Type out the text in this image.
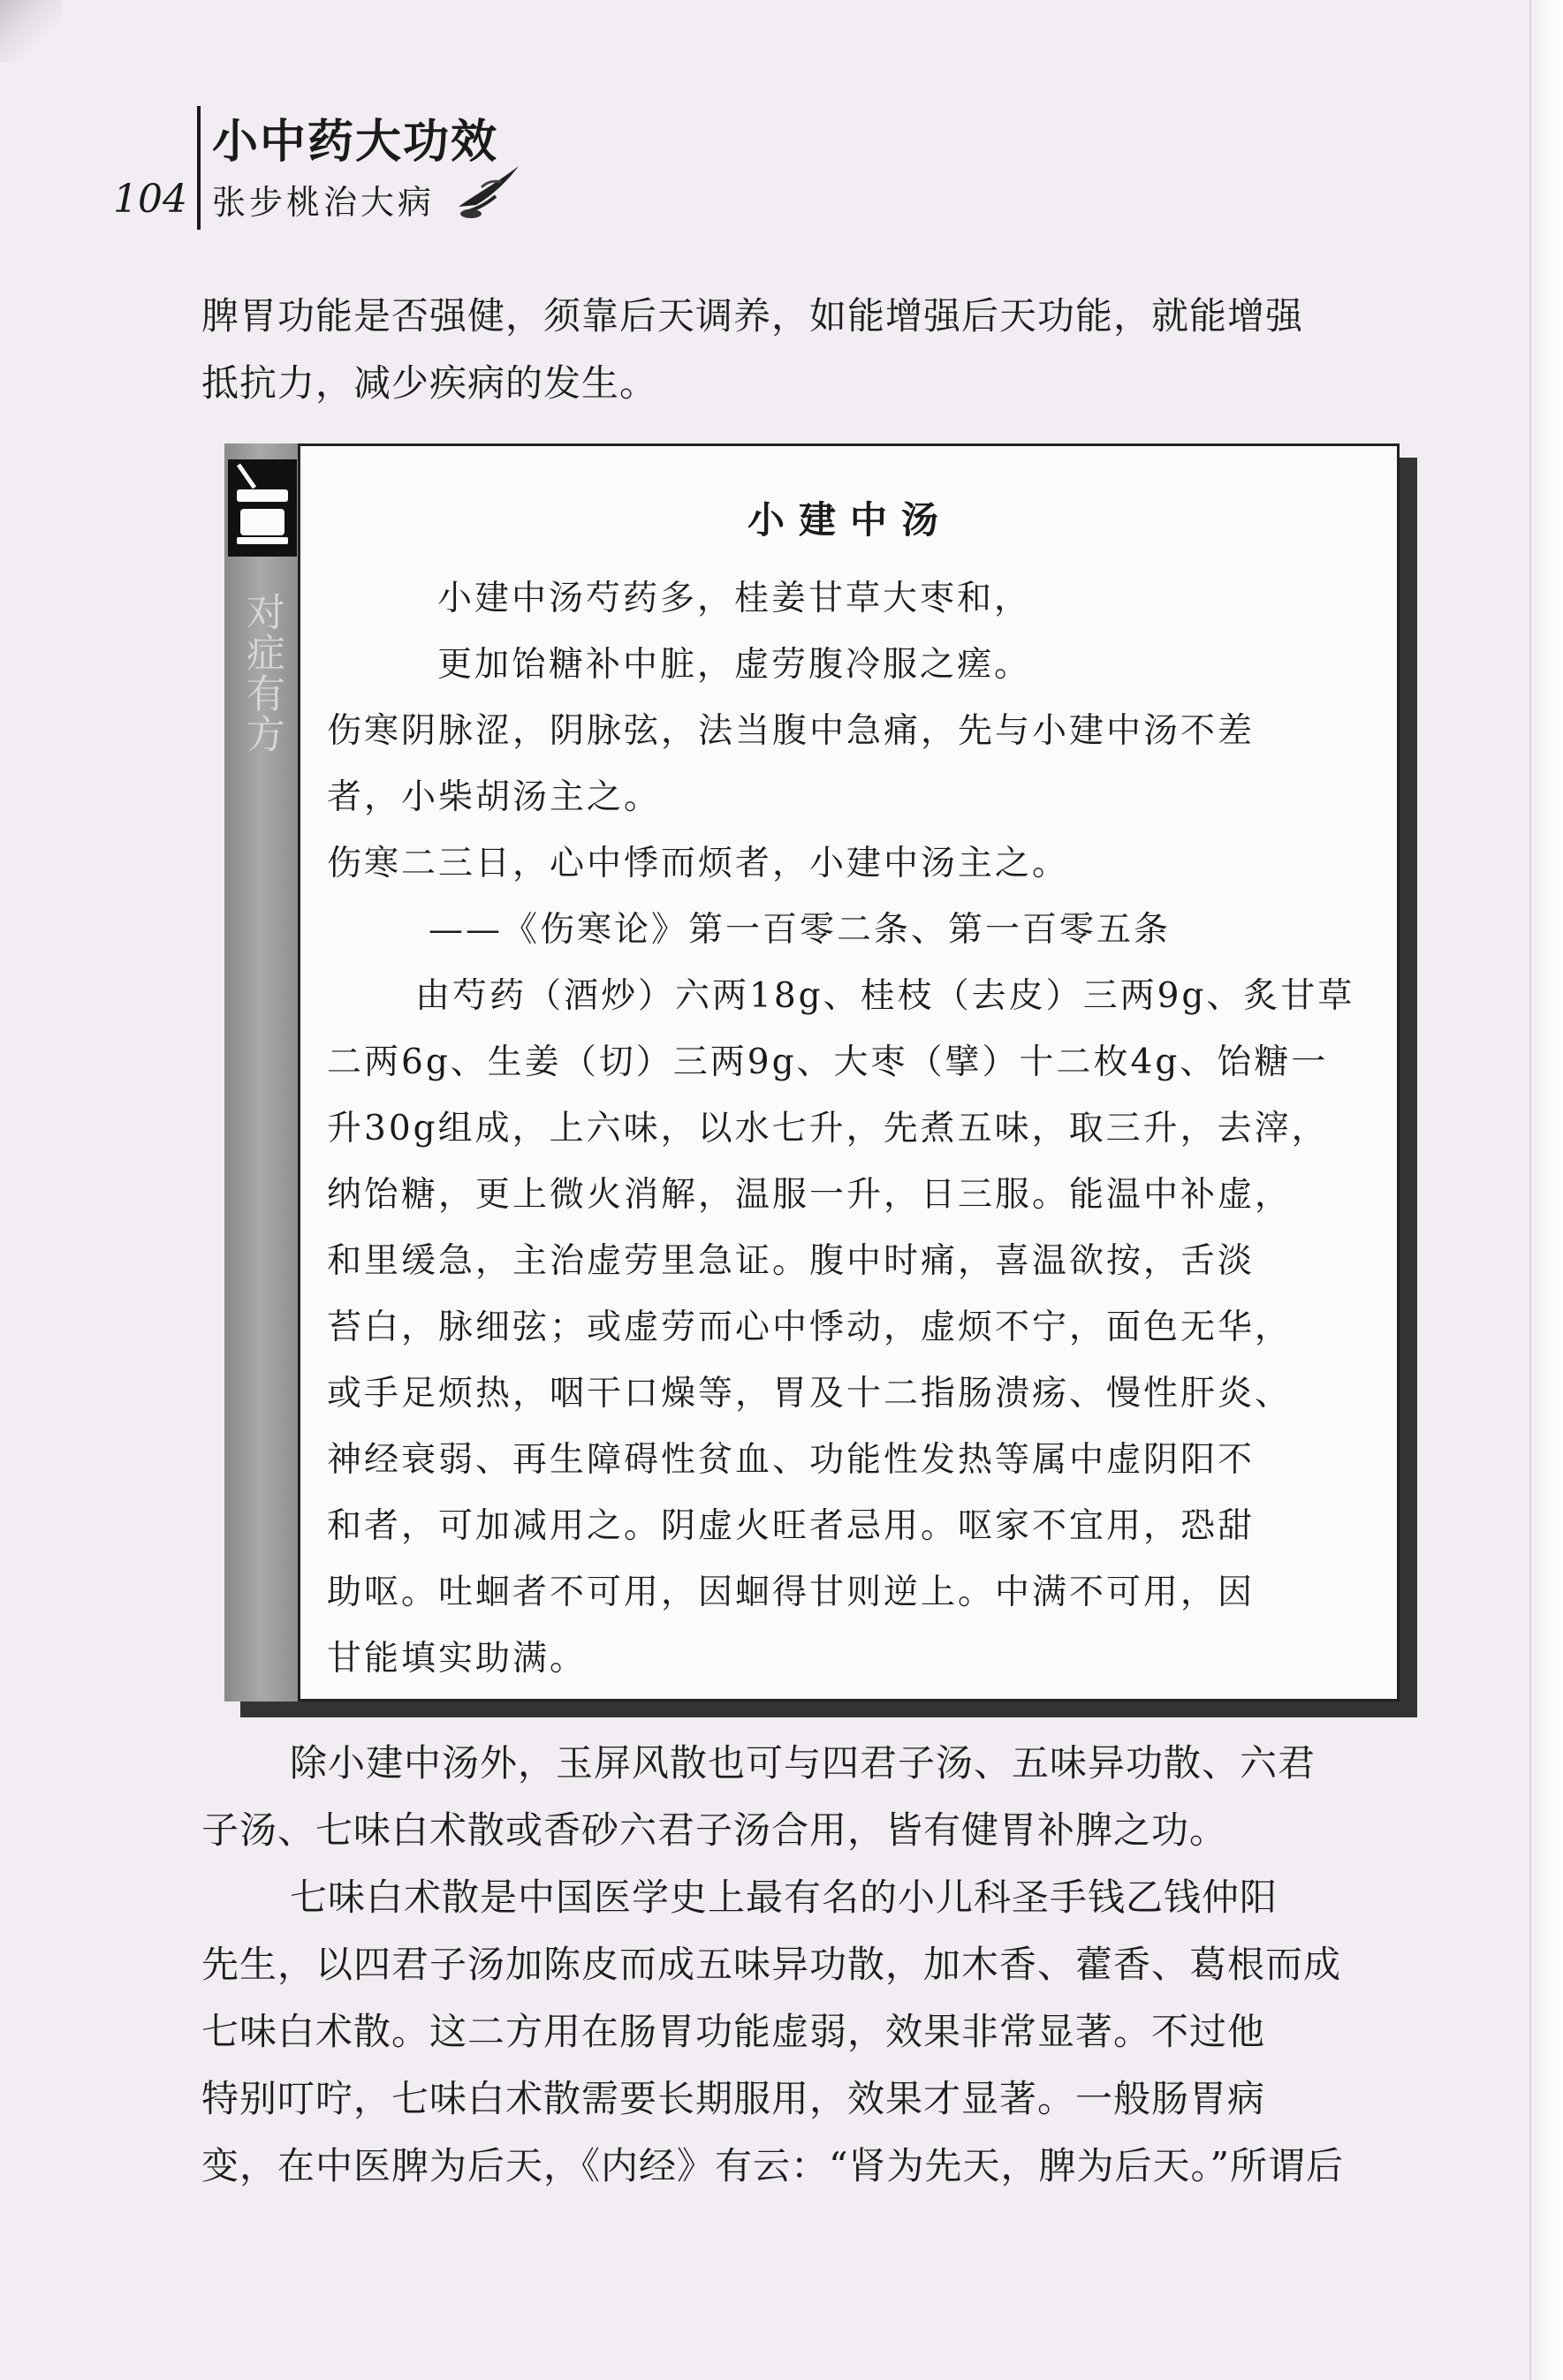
小中药大功效
张步桃治大病
104
脾胃功能是否强健，须靠后天调养，如能增强后天功能，就能增强
抵抗力，减少疾病的发生。
对症有方
小建中汤
小建中汤芍药多，桂姜甘草大枣和，
更加饴糖补中脏，虚劳腹冷服之瘥。
伤寒阴脉涩，阴脉弦，法当腹中急痛，先与小建中汤不差
者，小柴胡汤主之。
伤寒二三日，心中悸而烦者，小建中汤主之。
——《伤寒论》第一百零二条、第一百零五条
由芍药（酒炒）六两18g、桂枝（去皮）三两9g、炙甘草
二两6g、生姜（切）三两9g、大枣（擘）十二枚4g、饴糖一
升30g组成，上六味，以水七升，先煮五味，取三升，去滓，
纳饴糖，更上微火消解，温服一升，日三服。能温中补虚，
和里缓急，主治虚劳里急证。腹中时痛，喜温欲按，舌淡
苔白，脉细弦；或虚劳而心中悸动，虚烦不宁，面色无华，
或手足烦热，咽干口燥等，胃及十二指肠溃疡、慢性肝炎、
神经衰弱、再生障碍性贫血、功能性发热等属中虚阴阳不
和者，可加减用之。阴虚火旺者忌用。呕家不宜用，恐甜
助呕。吐蛔者不可用，因蛔得甘则逆上。中满不可用，因
甘能填实助满。
除小建中汤外，玉屏风散也可与四君子汤、五味异功散、六君
子汤、七味白术散或香砂六君子汤合用，皆有健胃补脾之功。
七味白术散是中国医学史上最有名的小儿科圣手钱乙钱仲阳
先生，以四君子汤加陈皮而成五味异功散，加木香、藿香、葛根而成
七味白术散。这二方用在肠胃功能虚弱，效果非常显著。不过他
特别叮咛，七味白术散需要长期服用，效果才显著。一般肠胃病
变，在中医脾为后天，《内经》有云：“肾为先天，脾为后天。”所谓后
